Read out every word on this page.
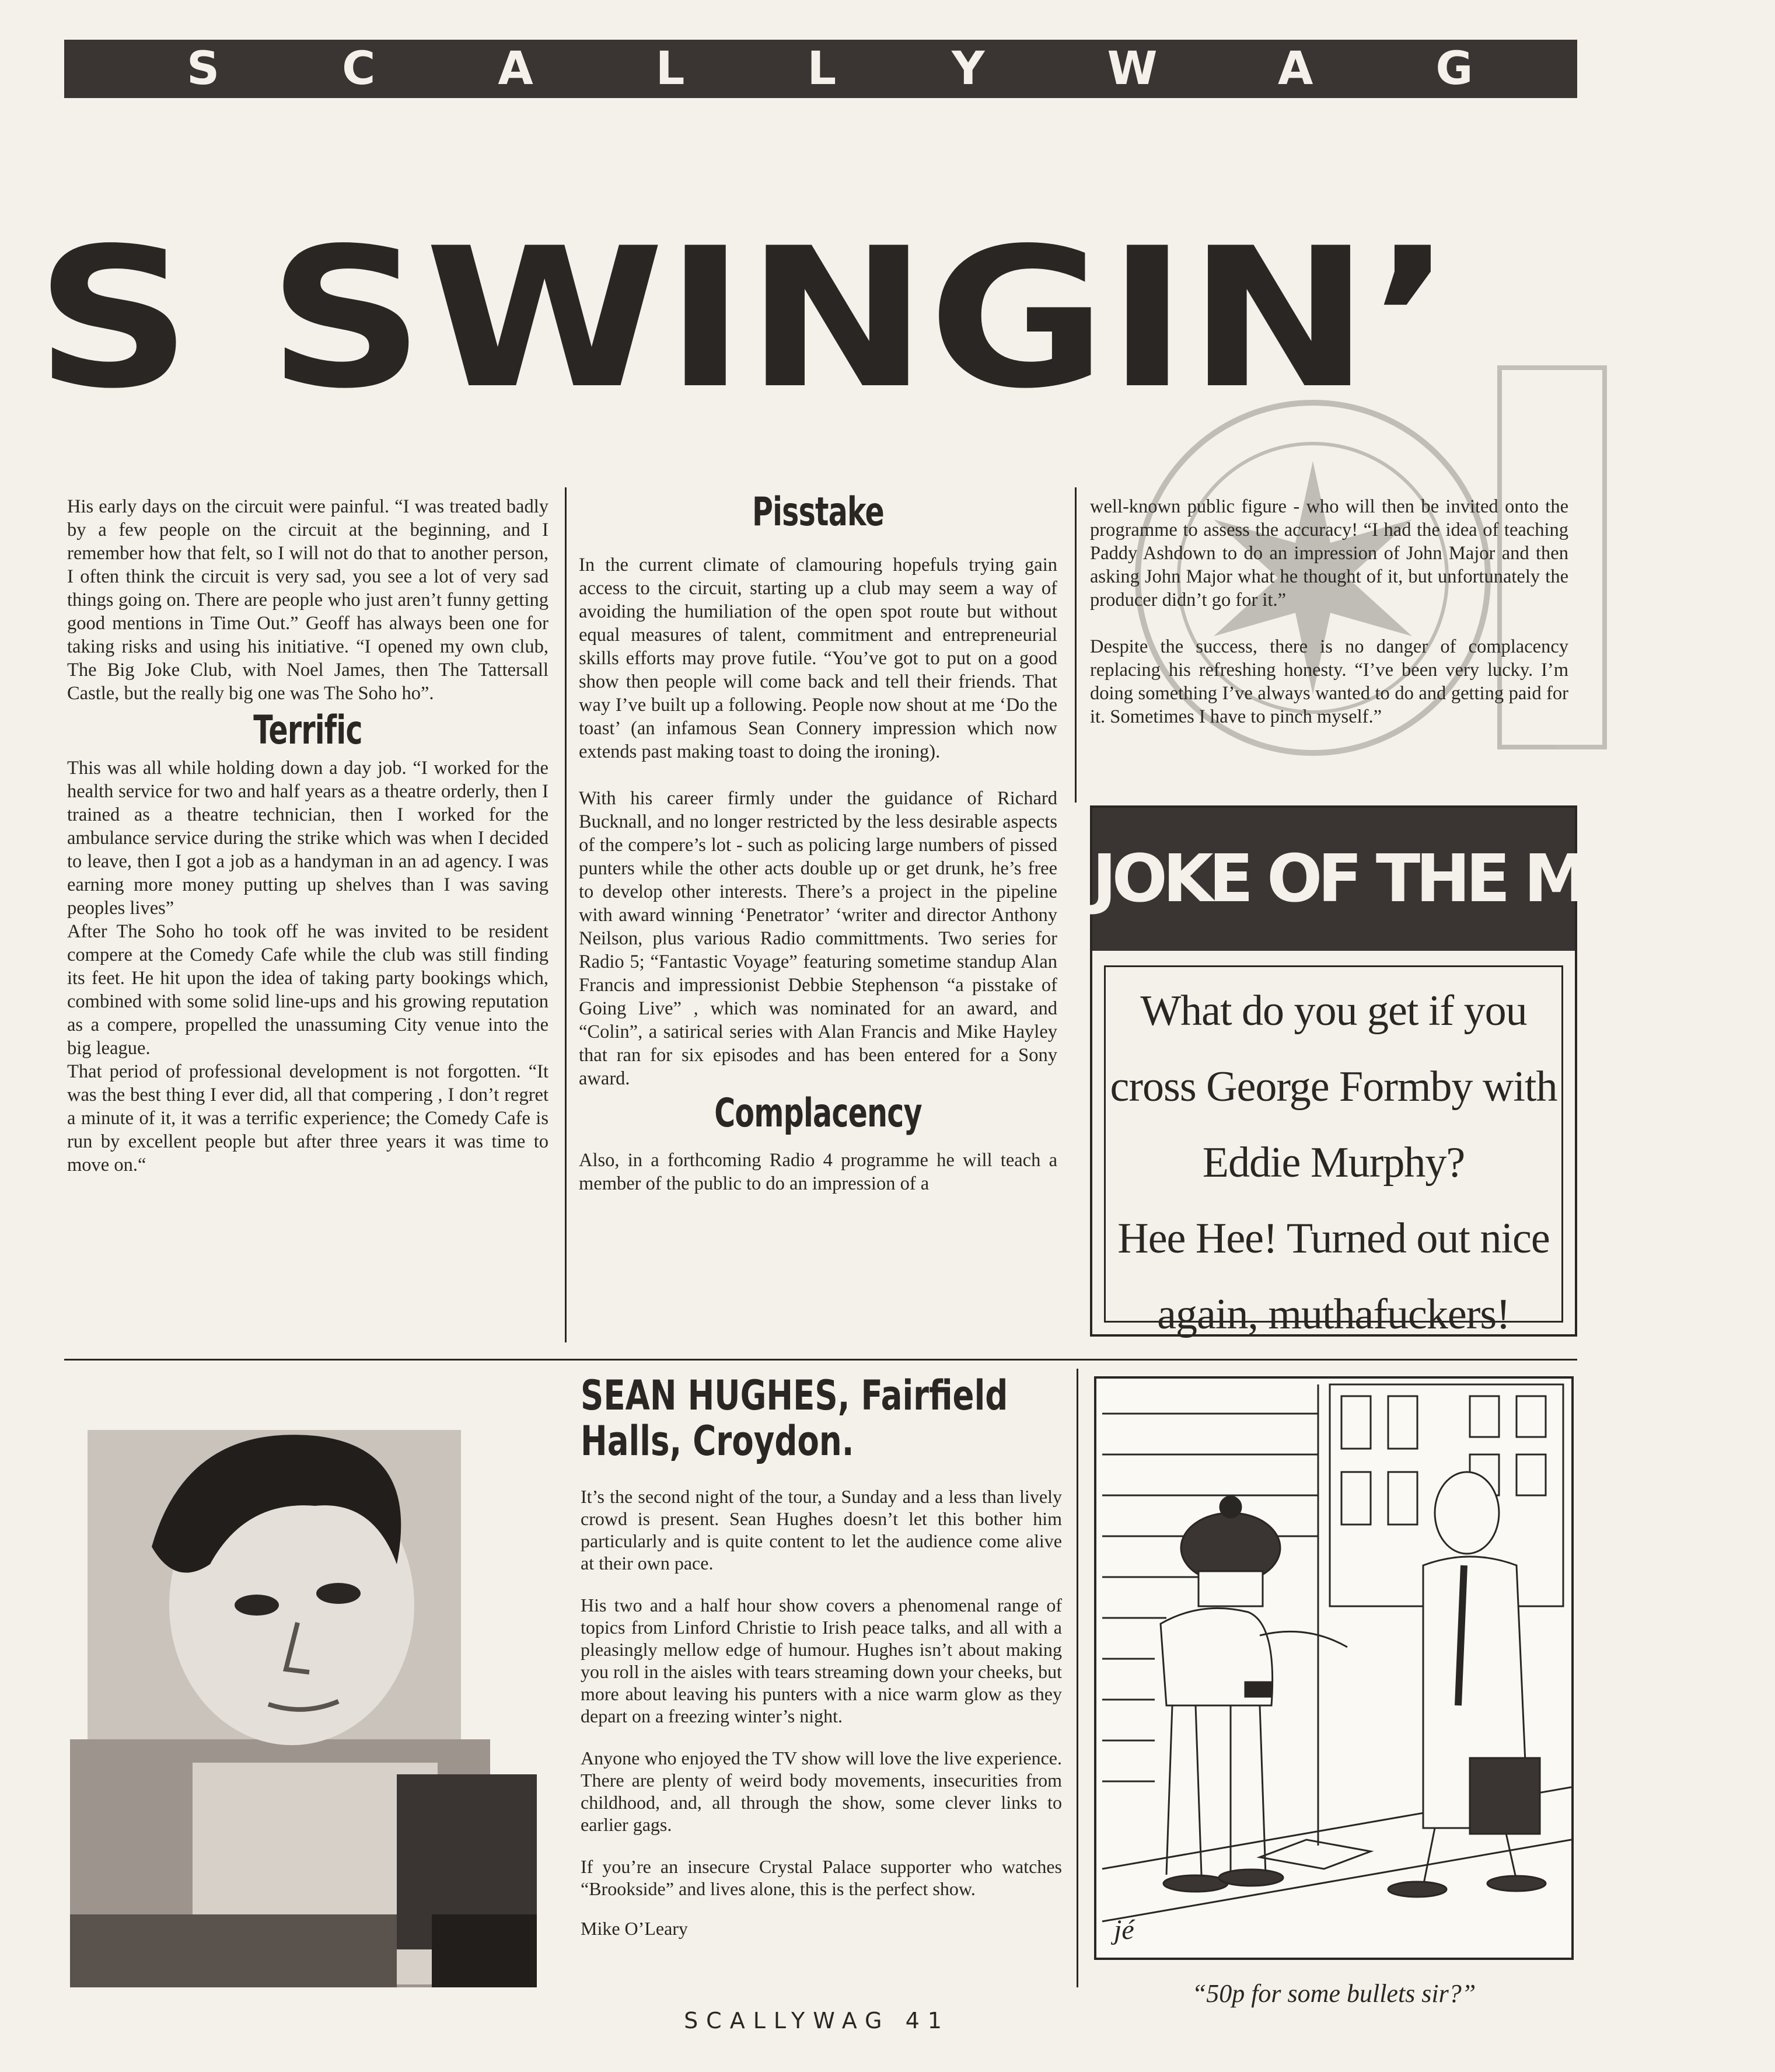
SCALLYWAG
S SWINGIN’

His early days on the circuit were painful. “I was treated badly by a few people on the circuit at the beginning, and I remember how that felt, so I will not do that to another person, I often think the circuit is very sad, you see a lot of very sad things going on. There are people who just aren’t funny getting good mentions in Time Out.” Geoff has always been one for taking risks and using his initiative. “I opened my own club, The Big Joke Club, with Noel James, then The Tattersall Castle, but the really big one was The Soho ho”.

Terrific

This was all while holding down a day job. “I worked for the health service for two and half years as a theatre orderly, then I trained as a theatre technician, then I worked for the ambulance service during the strike which was when I decided to leave, then I got a job as a handyman in an ad agency. I was earning more money putting up shelves than I was saving peoples lives”

After The Soho ho took off he was invited to be resident compere at the Comedy Cafe while the club was still finding its feet. He hit upon the idea of taking party bookings which, combined with some solid line-ups and his growing reputation as a compere, propelled the unassuming City venue into the big league.

That period of professional development is not forgotten. “It was the best thing I ever did, all that compering , I don’t regret a minute of it, it was a terrific experience; the Comedy Cafe is run by excellent people but after three years it was time to move on.“

Pisstake

In the current climate of clamouring hopefuls trying gain access to the circuit, starting up a club may seem a way of avoiding the humiliation of the open spot route but without equal measures of talent, commitment and entrepreneurial skills efforts may prove futile. “You’ve got to put on a good show then people will come back and tell their friends. That way I’ve built up a following. People now shout at me ‘Do the toast’ (an infamous Sean Connery impression which now extends past making toast to doing the ironing).

With his career firmly under the guidance of Richard Bucknall, and no longer restricted by the less desirable aspects of the compere’s lot - such as policing large numbers of pissed punters while the other acts double up or get drunk, he’s free to develop other interests. There’s a project in the pipeline with award winning ‘Penetrator’ ‘writer and director Anthony Neilson, plus various Radio committments. Two series for Radio 5; “Fantastic Voyage” featuring sometime standup Alan Francis and impressionist Debbie Stephenson “a pisstake of Going Live” , which was nominated for an award, and “Colin”, a satirical series with Alan Francis and Mike Hayley that ran for six episodes and has been entered for a Sony award.

Complacency

Also, in a forthcoming Radio 4 programme he will teach a member of the public to do an impression of a

well-known public figure - who will then be invited onto the programme to assess the accuracy! “I had the idea of teaching Paddy Ashdown to do an impression of John Major and then asking John Major what he thought of it, but unfortunately the producer didn’t go for it.”

Despite the success, there is no danger of complacency replacing his refreshing honesty. “I’ve been very lucky. I’m doing something I’ve always wanted to do and getting paid for it. Sometimes I have to pinch myself.”

JOKE OF THE MONTH
What do you get if you
cross George Formby with
Eddie Murphy?
Hee Hee! Turned out nice
again, muthafuckers!
SEAN HUGHES, Fairfield
Halls, Croydon.

It’s the second night of the tour, a Sunday and a less than lively crowd is present. Sean Hughes doesn’t let this bother him particularly and is quite content to let the audience come alive at their own pace.

His two and a half hour show covers a phenomenal range of topics from Linford Christie to Irish peace talks, and all with a pleasingly mellow edge of humour. Hughes isn’t about making you roll in the aisles with tears streaming down your cheeks, but more about leaving his punters with a nice warm glow as they depart on a freezing winter’s night.

Anyone who enjoyed the TV show will love the live experience. There are plenty of weird body movements, insecurities from childhood, and, all through the show, some clever links to earlier gags.

If you’re an insecure Crystal Palace supporter who watches “Brookside” and lives alone, this is the perfect show.

Mike O’Leary	jé
“50p for some bullets sir?”
SCALLYWAG 41
